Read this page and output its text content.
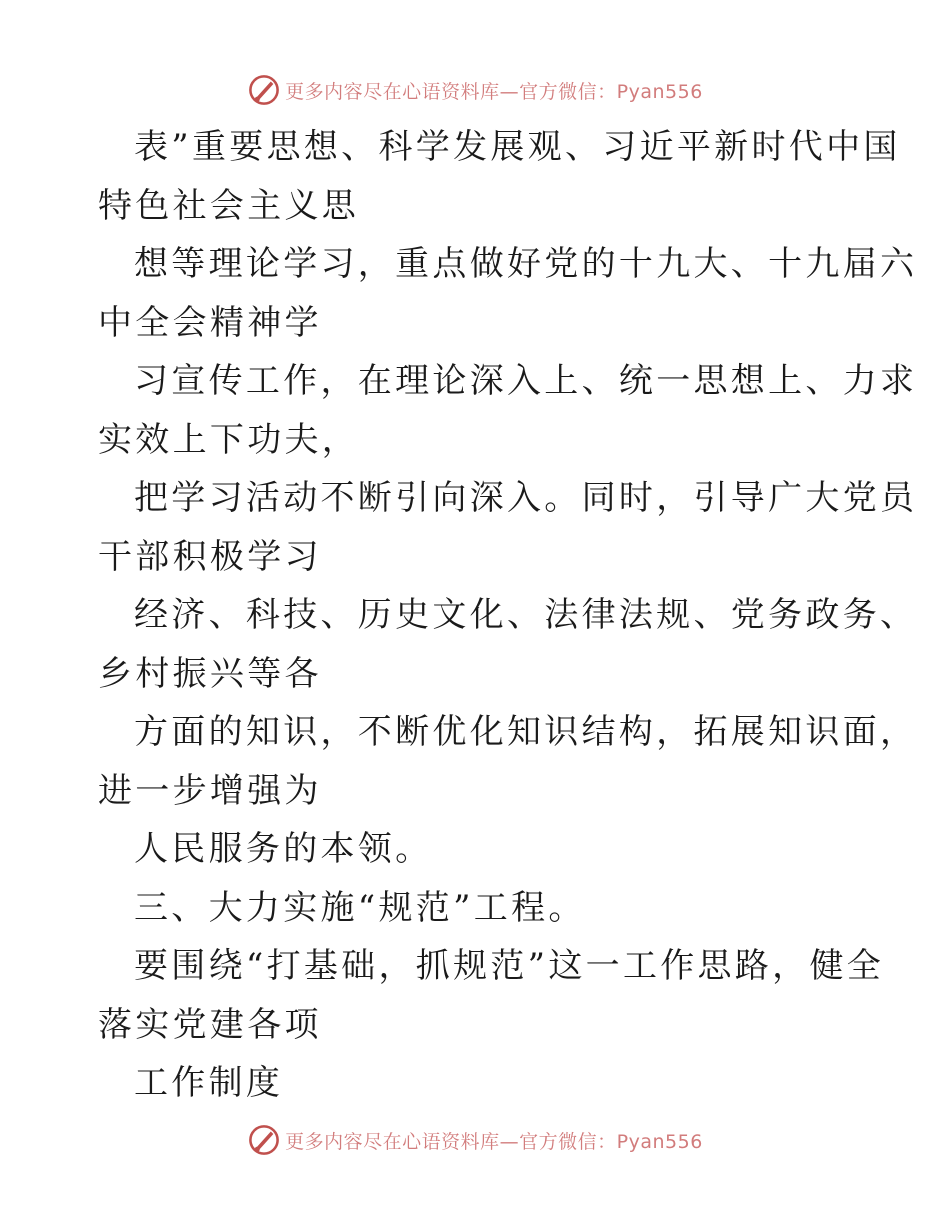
更多内容尽在心语资料库—官方微信：Pyan556

表”重要思想、科学发展观、习近平新时代中国
特色社会主义思

想等理论学习，重点做好党的十九大、十九届六
中全会精神学

习宣传工作，在理论深入上、统一思想上、力求
实效上下功夫，

把学习活动不断引向深入。同时，引导广大党员
干部积极学习

经济、科技、历史文化、法律法规、党务政务、
乡村振兴等各

方面的知识，不断优化知识结构，拓展知识面，
进一步增强为

人民服务的本领。

三、大力实施“规范”工程。

要围绕“打基础，抓规范”这一工作思路，健全
落实党建各项

工作制度

更多内容尽在心语资料库—官方微信：Pyan556
